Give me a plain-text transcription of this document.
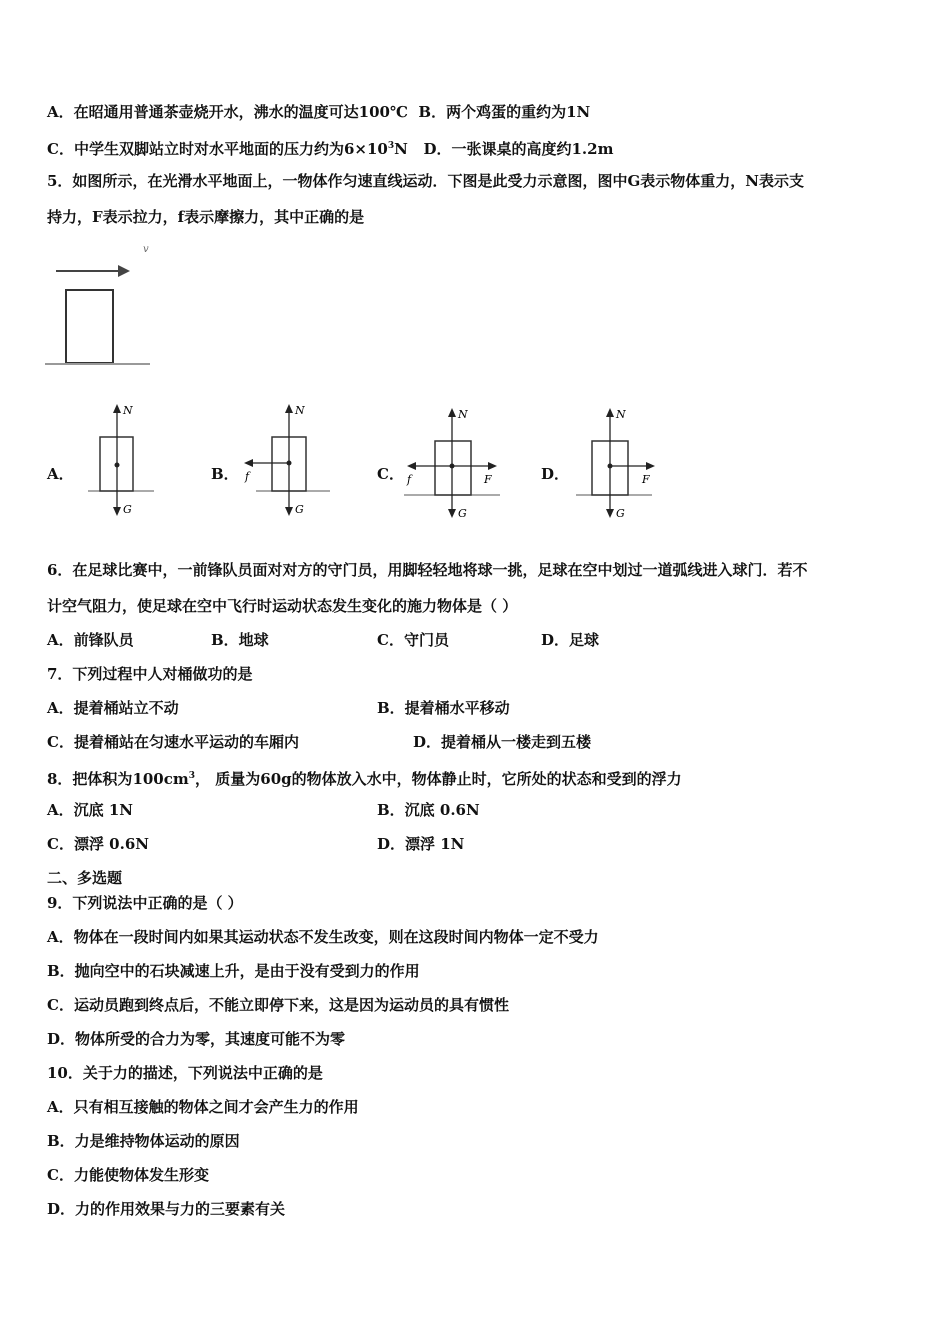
A．在昭通用普通茶壶烧开水，沸水的温度可达100℃ B．两个鸡蛋的重约为1N
C．中学生双脚站立时对水平地面的压力约为$6\times 10^3N$ D．一张课桌的高度约1.2m
5．如图所示，在光滑水平地面上，一物体作匀速直线运动．下图是此受力示意图，图中G表示物体重力，N表示支
持力，F表示拉力，f表示摩擦力，其中正确的是
v
A．	B．	C．	D．
N
G
N
G
f
N
G
f	F
N
G
F
6．在足球比赛中，一前锋队员面对对方的守门员，用脚轻轻地将球一挑，足球在空中划过一道弧线进入球门．若不
计空气阻力，使足球在空中飞行时运动状态发生变化的施力物体是（ ）
A．前锋队员	B．地球	C．守门员	D．足球
7．下列过程中人对桶做功的是
A．提着桶站立不动	B．提着桶水平移动
C．提着桶站在匀速水平运动的车厢内	D．提着桶从一楼走到五楼
8．把体积为$100cm^3$， 质量为60g的物体放入水中，物体静止时，它所处的状态和受到的浮力
A．沉底 1N	B．沉底 0.6N
C．漂浮 0.6N	D．漂浮 1N
二、多选题
9．下列说法中正确的是（ ）
A．物体在一段时间内如果其运动状态不发生改变，则在这段时间内物体一定不受力
B．抛向空中的石块减速上升，是由于没有受到力的作用
C．运动员跑到终点后，不能立即停下来，这是因为运动员的具有惯性
D．物体所受的合力为零，其速度可能不为零
10．关于力的描述，下列说法中正确的是
A．只有相互接触的物体之间才会产生力的作用
B．力是维持物体运动的原因
C．力能使物体发生形变
D．力的作用效果与力的三要素有关
